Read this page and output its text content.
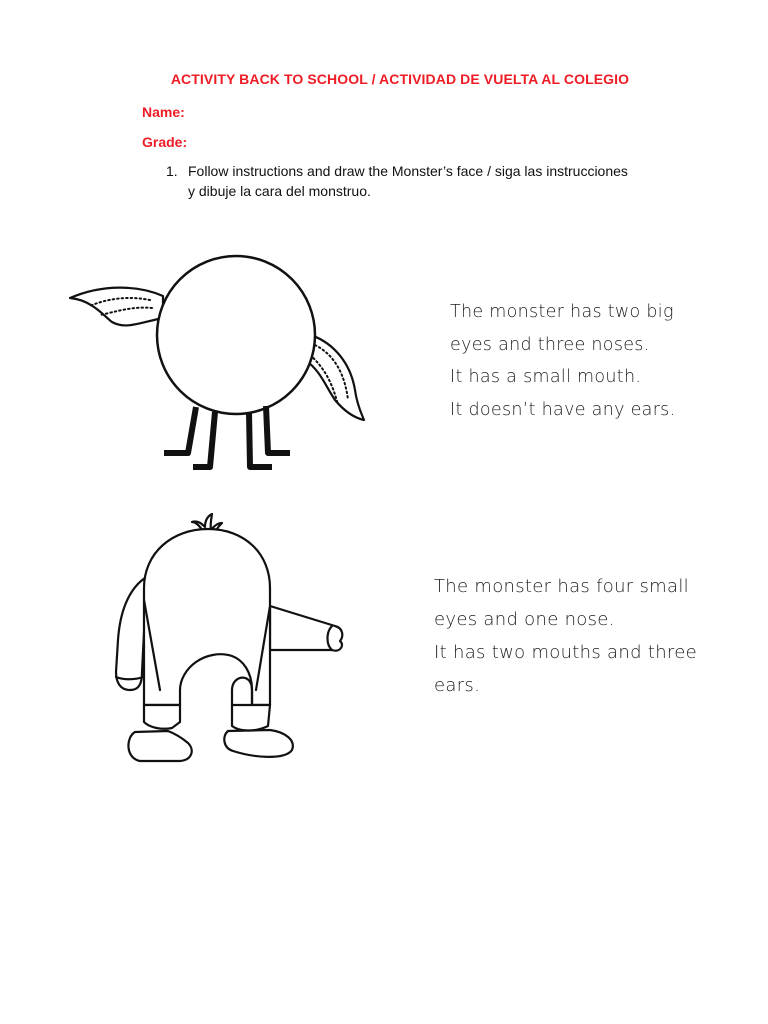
ACTIVITY BACK TO SCHOOL / ACTIVIDAD DE VUELTA AL COLEGIO
Name:
Grade:
1. Follow instructions and draw the Monster’s face / siga las instrucciones
y dibuje la cara del monstruo.
The monster has two big
eyes and three noses.
It has a small mouth.
It doesn’t have any ears.
The monster has four small
eyes and one nose.
It has two mouths and three
ears.
